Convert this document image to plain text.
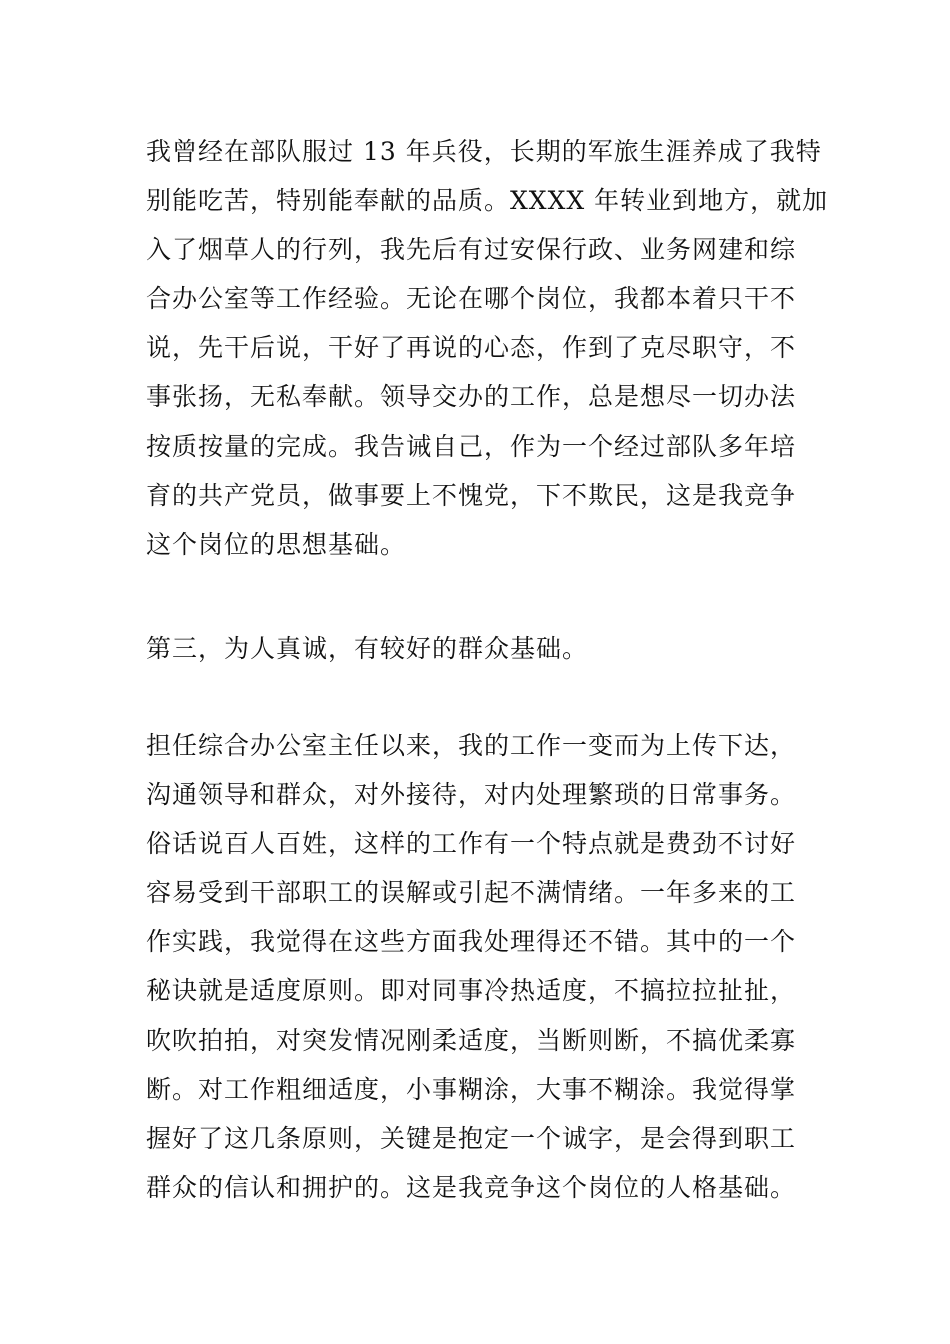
我曾经在部队服过 13 年兵役，长期的军旅生涯养成了我特
别能吃苦，特别能奉献的品质。XXXX 年转业到地方，就加
入了烟草人的行列，我先后有过安保行政、业务网建和综
合办公室等工作经验。无论在哪个岗位，我都本着只干不
说，先干后说，干好了再说的心态，作到了克尽职守，不
事张扬，无私奉献。领导交办的工作，总是想尽一切办法
按质按量的完成。我告诫自己，作为一个经过部队多年培
育的共产党员，做事要上不愧党，下不欺民，这是我竞争
这个岗位的思想基础。
第三，为人真诚，有较好的群众基础。
担任综合办公室主任以来，我的工作一变而为上传下达，
沟通领导和群众，对外接待，对内处理繁琐的日常事务。
俗话说百人百姓，这样的工作有一个特点就是费劲不讨好
容易受到干部职工的误解或引起不满情绪。一年多来的工
作实践，我觉得在这些方面我处理得还不错。其中的一个
秘诀就是适度原则。即对同事冷热适度，不搞拉拉扯扯，
吹吹拍拍，对突发情况刚柔适度，当断则断，不搞优柔寡
断。对工作粗细适度，小事糊涂，大事不糊涂。我觉得掌
握好了这几条原则，关键是抱定一个诚字，是会得到职工
群众的信认和拥护的。这是我竞争这个岗位的人格基础。
